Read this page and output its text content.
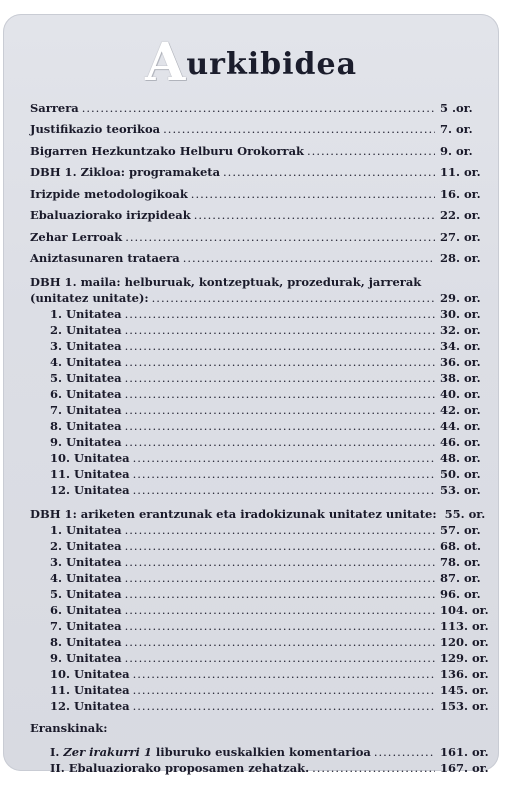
Aurkibidea
Sarrera .....	5 .or.
Justifikazio teorikoa .....	7. or.
Bigarren Hezkuntzako Helburu Orokorrak .....	9. or.
DBH 1. Zikloa: programaketa .....	11. or.
Irizpide metodologikoak .....	16. or.
Ebaluaziorako irizpideak .....	22. or.
Zehar Lerroak .....	27. or.
Aniztasunaren trataera .....	28. or.
DBH 1. maila: helburuak, kontzeptuak, prozedurak, jarrerak
(unitatez unitate): .....	29. or.
1. Unitatea .....	30. or.
2. Unitatea .....	32. or.
3. Unitatea .....	34. or.
4. Unitatea .....	36. or.
5. Unitatea .....	38. or.
6. Unitatea .....	40. or.
7. Unitatea .....	42. or.
8. Unitatea .....	44. or.
9. Unitatea .....	46. or.
10. Unitatea .....	48. or.
11. Unitatea .....	50. or.
12. Unitatea .....	53. or.
DBH 1: ariketen erantzunak eta iradokizunak unitatez unitate: 55. or.
1. Unitatea .....	57. or.
2. Unitatea .....	68. ot.
3. Unitatea .....	78. or.
4. Unitatea .....	87. or.
5. Unitatea .....	96. or.
6. Unitatea .....	104. or.
7. Unitatea .....	113. or.
8. Unitatea .....	120. or.
9. Unitatea .....	129. or.
10. Unitatea .....	136. or.
11. Unitatea .....	145. or.
12. Unitatea .....	153. or.
Eranskinak:
I. Zer irakurri 1 liburuko euskalkien komentarioa .....	161. or.
II. Ebaluaziorako proposamen zehatzak. .....	167. or.
